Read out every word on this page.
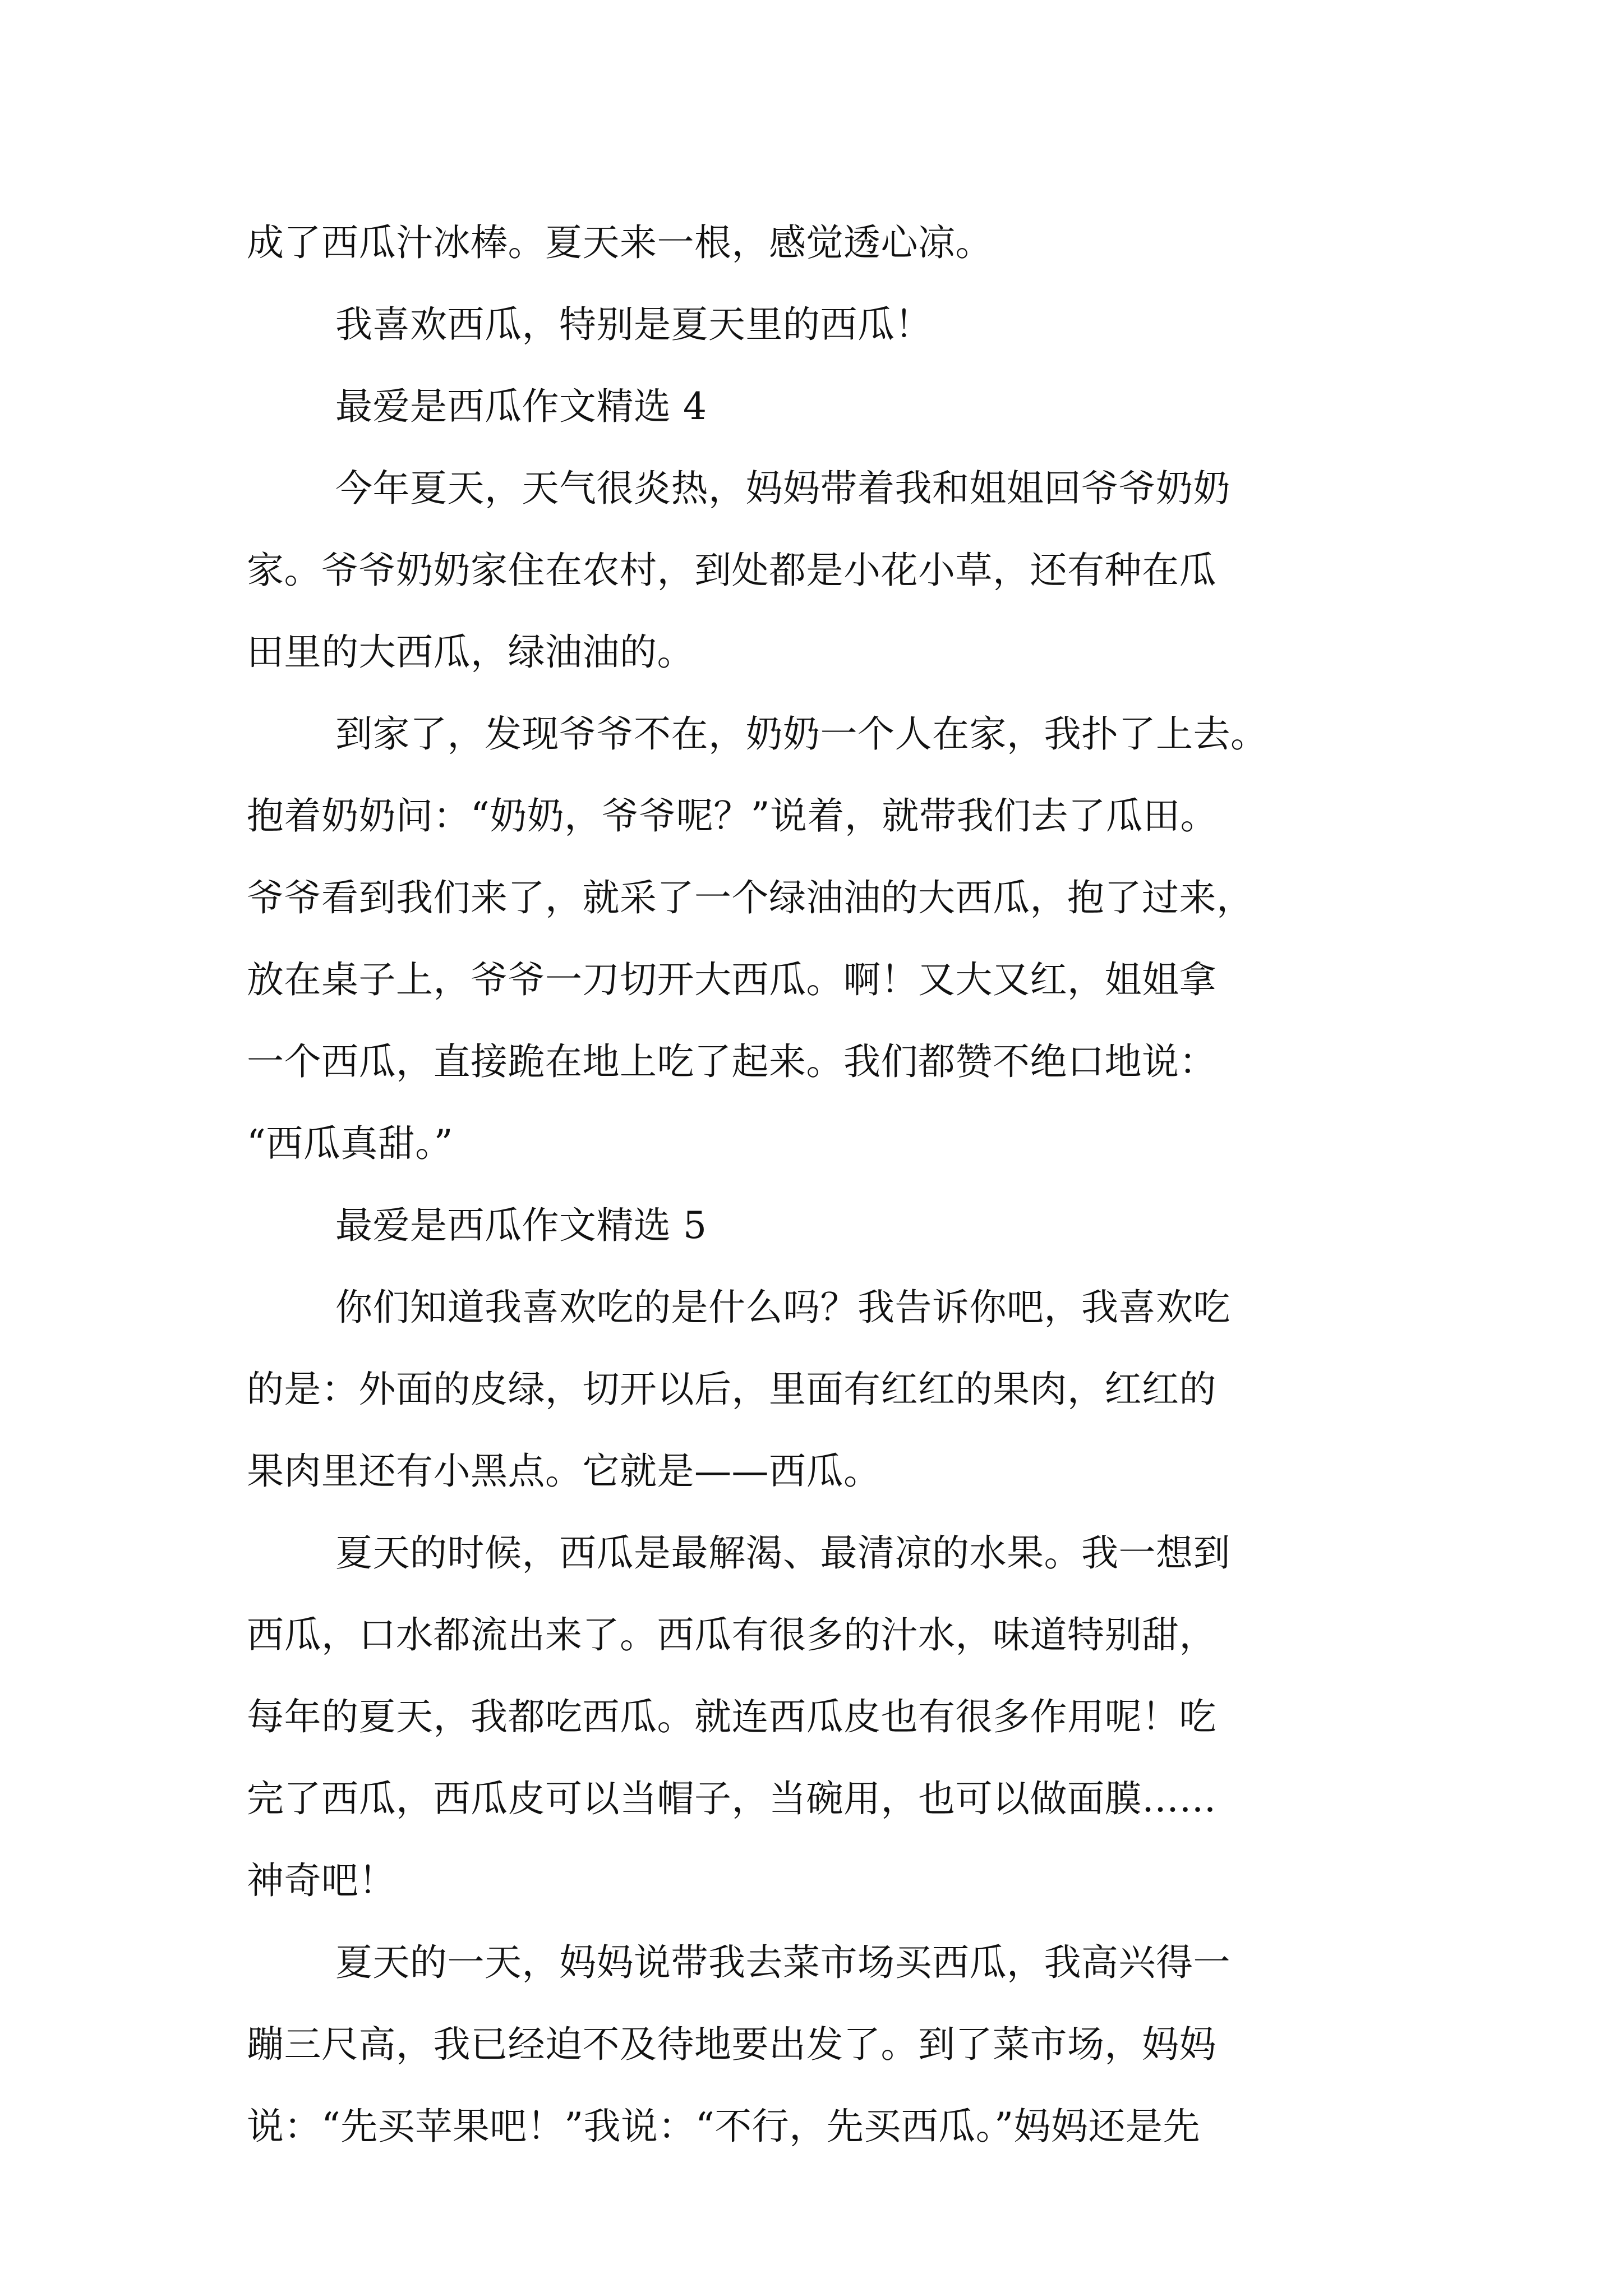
成了西瓜汁冰棒。夏天来一根，感觉透心凉。
我喜欢西瓜，特别是夏天里的西瓜！
最爱是西瓜作文精选 4
今年夏天，天气很炎热，妈妈带着我和姐姐回爷爷奶奶
家。爷爷奶奶家住在农村，到处都是小花小草，还有种在瓜
田里的大西瓜，绿油油的。
到家了，发现爷爷不在，奶奶一个人在家，我扑了上去。
抱着奶奶问：“奶奶，爷爷呢？”说着，就带我们去了瓜田。
爷爷看到我们来了，就采了一个绿油油的大西瓜，抱了过来，
放在桌子上，爷爷一刀切开大西瓜。啊！又大又红，姐姐拿
一个西瓜，直接跪在地上吃了起来。我们都赞不绝口地说：
“西瓜真甜。”
最爱是西瓜作文精选 5
你们知道我喜欢吃的是什么吗？我告诉你吧，我喜欢吃
的是：外面的皮绿，切开以后，里面有红红的果肉，红红的
果肉里还有小黑点。它就是——西瓜。
夏天的时候，西瓜是最解渴、最清凉的水果。我一想到
西瓜，口水都流出来了。西瓜有很多的汁水，味道特别甜，
每年的夏天，我都吃西瓜。就连西瓜皮也有很多作用呢！吃
完了西瓜，西瓜皮可以当帽子，当碗用，也可以做面膜……
神奇吧！
夏天的一天，妈妈说带我去菜市场买西瓜，我高兴得一
蹦三尺高，我已经迫不及待地要出发了。到了菜市场，妈妈
说：“先买苹果吧！”我说：“不行，先买西瓜。”妈妈还是先
